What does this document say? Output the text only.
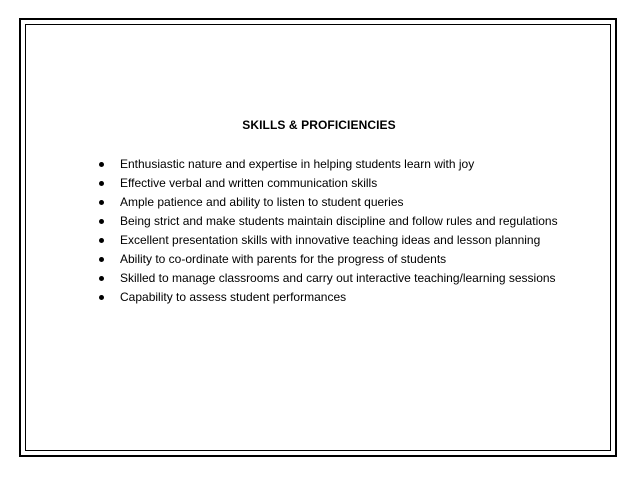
SKILLS & PROFICIENCIES
Enthusiastic nature and expertise in helping students learn with joy
Effective verbal and written communication skills
Ample patience and ability to listen to student queries
Being strict and make students maintain discipline and follow rules and regulations
Excellent presentation skills with innovative teaching ideas and lesson planning
Ability to co-ordinate with parents for the progress of students
Skilled to manage classrooms and carry out interactive teaching/learning sessions
Capability to assess student performances
